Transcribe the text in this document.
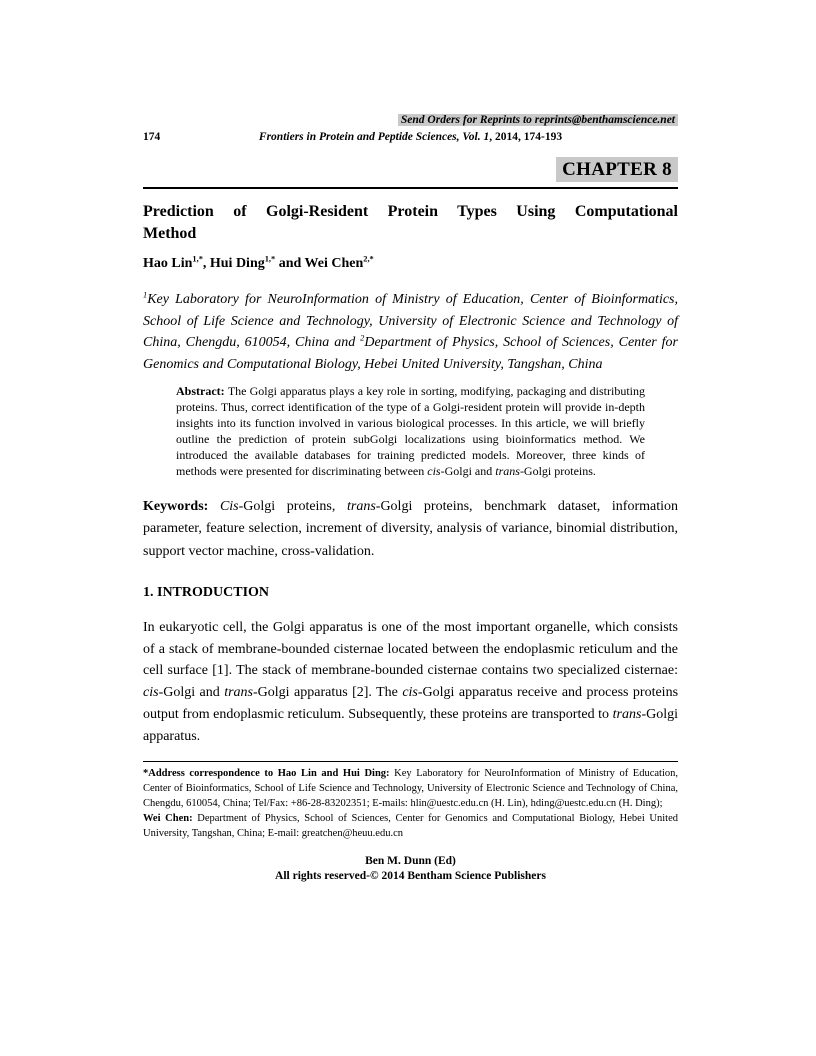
Send Orders for Reprints to reprints@benthamscience.net
174	Frontiers in Protein and Peptide Sciences, Vol. 1, 2014, 174-193
CHAPTER 8
Prediction of Golgi-Resident Protein Types Using Computational
Method
Hao Lin$^{1,*}$, Hui Ding$^{1,*}$ and Wei Chen$^{2,*}$
$^1$Key Laboratory for NeuroInformation of Ministry of Education, Center of Bioinformatics, School of Life Science and Technology, University of Electronic Science and Technology of China, Chengdu, 610054, China and $^2$Department of Physics, School of Sciences, Center for Genomics and Computational Biology, Hebei United University, Tangshan, China
Abstract: The Golgi apparatus plays a key role in sorting, modifying, packaging and distributing proteins. Thus, correct identification of the type of a Golgi-resident protein will provide in-depth insights into its function involved in various biological processes. In this article, we will briefly outline the prediction of protein subGolgi localizations using bioinformatics method. We introduced the available databases for training predicted models. Moreover, three kinds of methods were presented for discriminating between cis-Golgi and trans-Golgi proteins.
Keywords: Cis-Golgi proteins, trans-Golgi proteins, benchmark dataset, information parameter, feature selection, increment of diversity, analysis of variance, binomial distribution, support vector machine, cross-validation.
1. INTRODUCTION
In eukaryotic cell, the Golgi apparatus is one of the most important organelle, which consists of a stack of membrane-bounded cisternae located between the endoplasmic reticulum and the cell surface [1]. The stack of membrane-bounded cisternae contains two specialized cisternae: cis-Golgi and trans-Golgi apparatus [2]. The cis-Golgi apparatus receive and process proteins output from endoplasmic reticulum. Subsequently, these proteins are transported to trans-Golgi apparatus.

*Address correspondence to Hao Lin and Hui Ding: Key Laboratory for NeuroInformation of Ministry of Education, Center of Bioinformatics, School of Life Science and Technology, University of Electronic Science and Technology of China, Chengdu, 610054, China; Tel/Fax: +86-28-83202351; E-mails: hlin@uestc.edu.cn (H. Lin), hding@uestc.edu.cn (H. Ding);

Wei Chen: Department of Physics, School of Sciences, Center for Genomics and Computational Biology, Hebei United University, Tangshan, China; E-mail: greatchen@heuu.edu.cn

Ben M. Dunn (Ed)
All rights reserved-© 2014 Bentham Science Publishers
